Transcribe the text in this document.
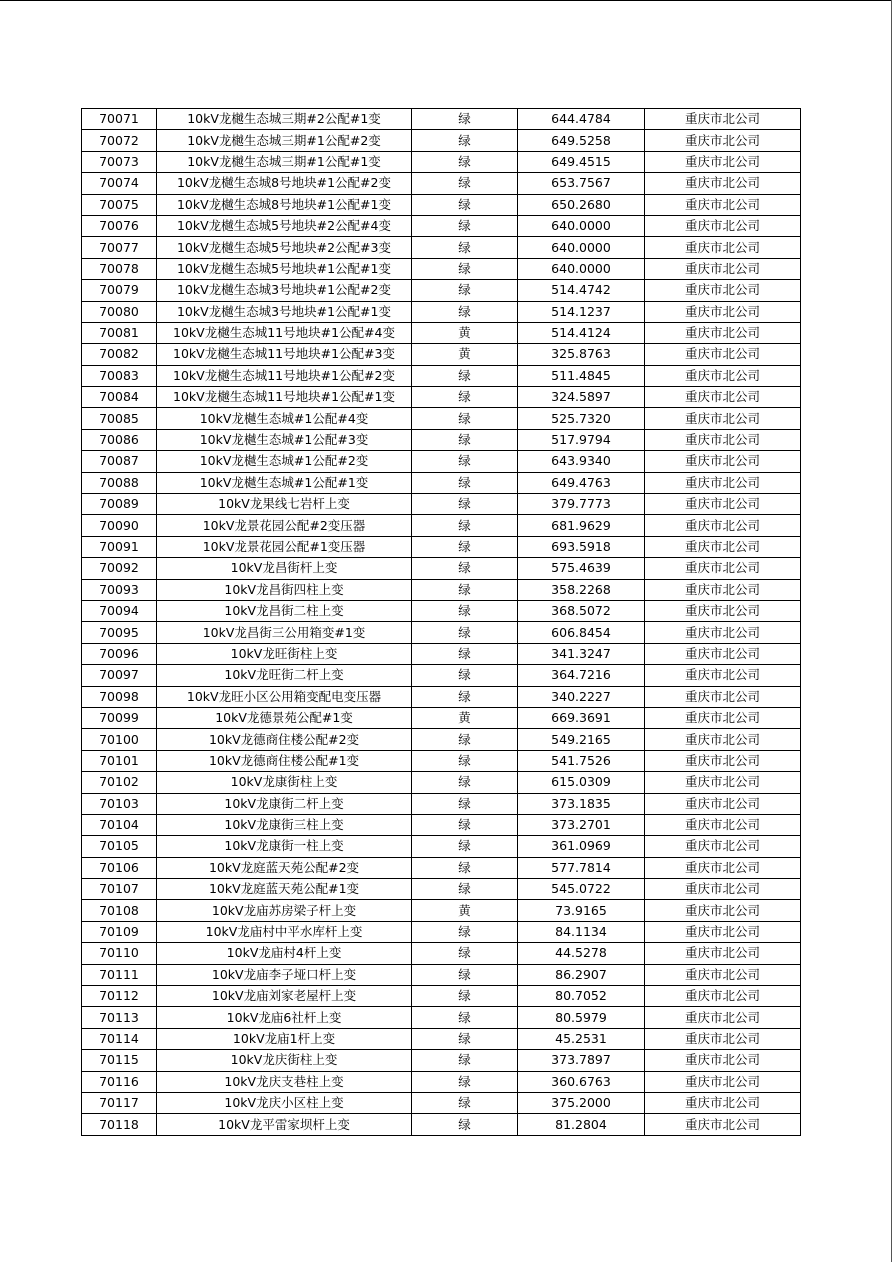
70071	10kV龙樾生态城三期#2公配#1变	绿	644.4784	重庆市北公司
70072	10kV龙樾生态城三期#1公配#2变	绿	649.5258	重庆市北公司
70073	10kV龙樾生态城三期#1公配#1变	绿	649.4515	重庆市北公司
70074	10kV龙樾生态城8号地块#1公配#2变	绿	653.7567	重庆市北公司
70075	10kV龙樾生态城8号地块#1公配#1变	绿	650.2680	重庆市北公司
70076	10kV龙樾生态城5号地块#2公配#4变	绿	640.0000	重庆市北公司
70077	10kV龙樾生态城5号地块#2公配#3变	绿	640.0000	重庆市北公司
70078	10kV龙樾生态城5号地块#1公配#1变	绿	640.0000	重庆市北公司
70079	10kV龙樾生态城3号地块#1公配#2变	绿	514.4742	重庆市北公司
70080	10kV龙樾生态城3号地块#1公配#1变	绿	514.1237	重庆市北公司
70081	10kV龙樾生态城11号地块#1公配#4变	黄	514.4124	重庆市北公司
70082	10kV龙樾生态城11号地块#1公配#3变	黄	325.8763	重庆市北公司
70083	10kV龙樾生态城11号地块#1公配#2变	绿	511.4845	重庆市北公司
70084	10kV龙樾生态城11号地块#1公配#1变	绿	324.5897	重庆市北公司
70085	10kV龙樾生态城#1公配#4变	绿	525.7320	重庆市北公司
70086	10kV龙樾生态城#1公配#3变	绿	517.9794	重庆市北公司
70087	10kV龙樾生态城#1公配#2变	绿	643.9340	重庆市北公司
70088	10kV龙樾生态城#1公配#1变	绿	649.4763	重庆市北公司
70089	10kV龙果线七岩杆上变	绿	379.7773	重庆市北公司
70090	10kV龙景花园公配#2变压器	绿	681.9629	重庆市北公司
70091	10kV龙景花园公配#1变压器	绿	693.5918	重庆市北公司
70092	10kV龙昌街杆上变	绿	575.4639	重庆市北公司
70093	10kV龙昌街四柱上变	绿	358.2268	重庆市北公司
70094	10kV龙昌街二柱上变	绿	368.5072	重庆市北公司
70095	10kV龙昌街三公用箱变#1变	绿	606.8454	重庆市北公司
70096	10kV龙旺街柱上变	绿	341.3247	重庆市北公司
70097	10kV龙旺街二杆上变	绿	364.7216	重庆市北公司
70098	10kV龙旺小区公用箱变配电变压器	绿	340.2227	重庆市北公司
70099	10kV龙德景苑公配#1变	黄	669.3691	重庆市北公司
70100	10kV龙德商住楼公配#2变	绿	549.2165	重庆市北公司
70101	10kV龙德商住楼公配#1变	绿	541.7526	重庆市北公司
70102	10kV龙康街柱上变	绿	615.0309	重庆市北公司
70103	10kV龙康街二杆上变	绿	373.1835	重庆市北公司
70104	10kV龙康街三柱上变	绿	373.2701	重庆市北公司
70105	10kV龙康街一柱上变	绿	361.0969	重庆市北公司
70106	10kV龙庭蓝天苑公配#2变	绿	577.7814	重庆市北公司
70107	10kV龙庭蓝天苑公配#1变	绿	545.0722	重庆市北公司
70108	10kV龙庙苏房梁子杆上变	黄	73.9165	重庆市北公司
70109	10kV龙庙村中平水库杆上变	绿	84.1134	重庆市北公司
70110	10kV龙庙村4杆上变	绿	44.5278	重庆市北公司
70111	10kV龙庙李子垭口杆上变	绿	86.2907	重庆市北公司
70112	10kV龙庙刘家老屋杆上变	绿	80.7052	重庆市北公司
70113	10kV龙庙6社杆上变	绿	80.5979	重庆市北公司
70114	10kV龙庙1杆上变	绿	45.2531	重庆市北公司
70115	10kV龙庆街柱上变	绿	373.7897	重庆市北公司
70116	10kV龙庆支巷柱上变	绿	360.6763	重庆市北公司
70117	10kV龙庆小区柱上变	绿	375.2000	重庆市北公司
70118	10kV龙平雷家坝杆上变	绿	81.2804	重庆市北公司
